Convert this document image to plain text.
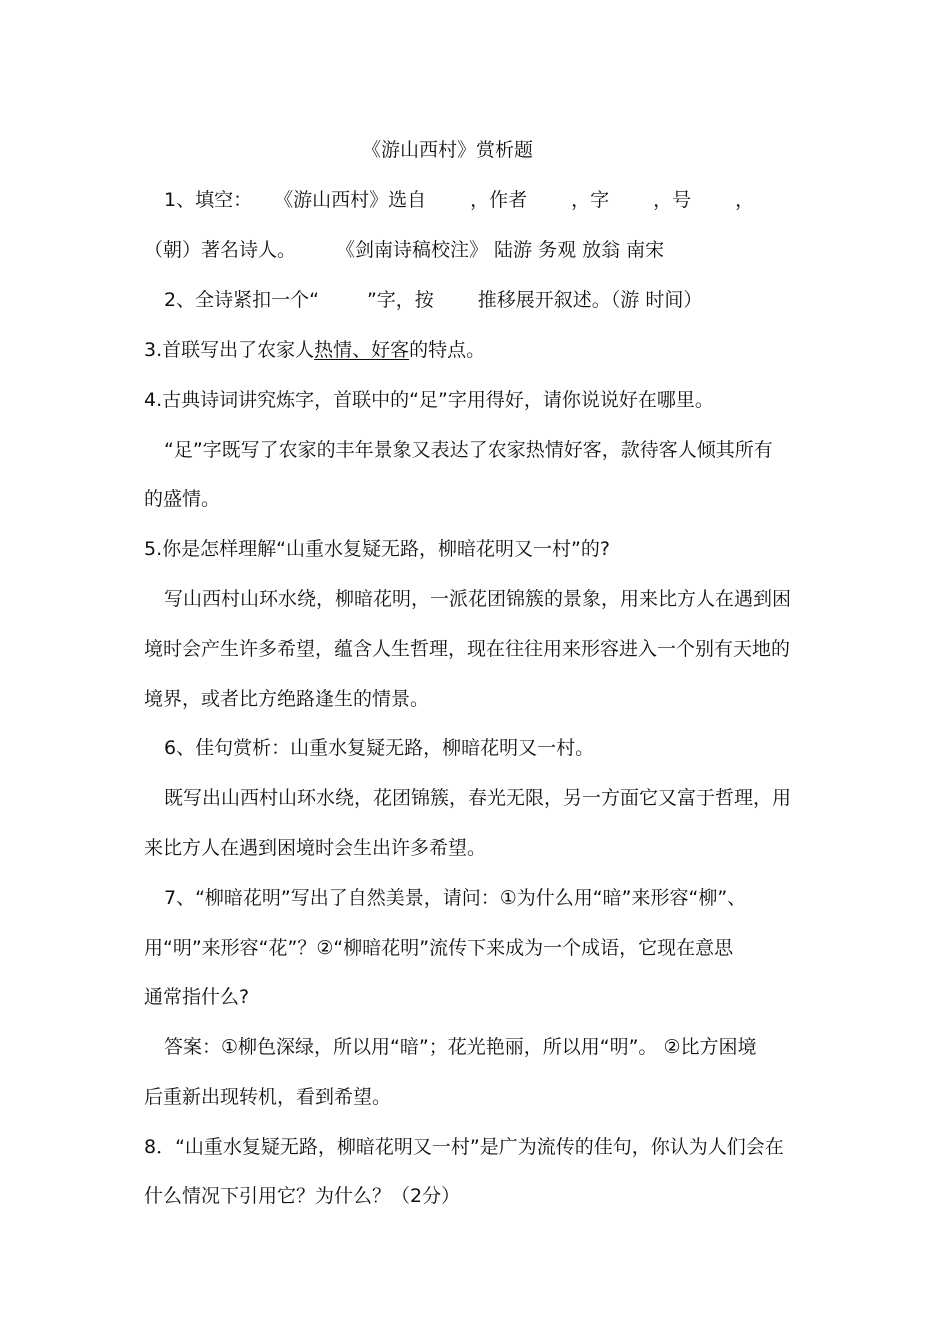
《游山西村》赏析题
1、填空： 《游山西村》选自 ，作者 ，字 ，号 ，
（朝）著名诗人。 《剑南诗稿校注》 陆游 务观 放翁 南宋
2、全诗紧扣一个“	”字，按 推移展开叙述。（游 时间）
3.首联写出了农家人热情、好客的特点。
4.古典诗词讲究炼字，首联中的“足”字用得好，请你说说好在哪里。
“足”字既写了农家的丰年景象又表达了农家热情好客，款待客人倾其所有
的盛情。
5.你是怎样理解“山重水复疑无路，柳暗花明又一村”的?
写山西村山环水绕，柳暗花明，一派花团锦簇的景象，用来比方人在遇到困
境时会产生许多希望，蕴含人生哲理，现在往往用来形容进入一个别有天地的
境界，或者比方绝路逢生的情景。
6、佳句赏析：山重水复疑无路，柳暗花明又一村。
既写出山西村山环水绕，花团锦簇，春光无限，另一方面它又富于哲理，用
来比方人在遇到困境时会生出许多希望。
7、“柳暗花明”写出了自然美景，请问：①为什么用“暗”来形容“柳”、
用“明”来形容“花”？②“柳暗花明”流传下来成为一个成语，它现在意思
通常指什么?
答案：①柳色深绿，所以用“暗”；花光艳丽，所以用“明”。 ②比方困境
后重新出现转机，看到希望。
8．“山重水复疑无路，柳暗花明又一村”是广为流传的佳句，你认为人们会在
什么情况下引用它？为什么？（2分）
